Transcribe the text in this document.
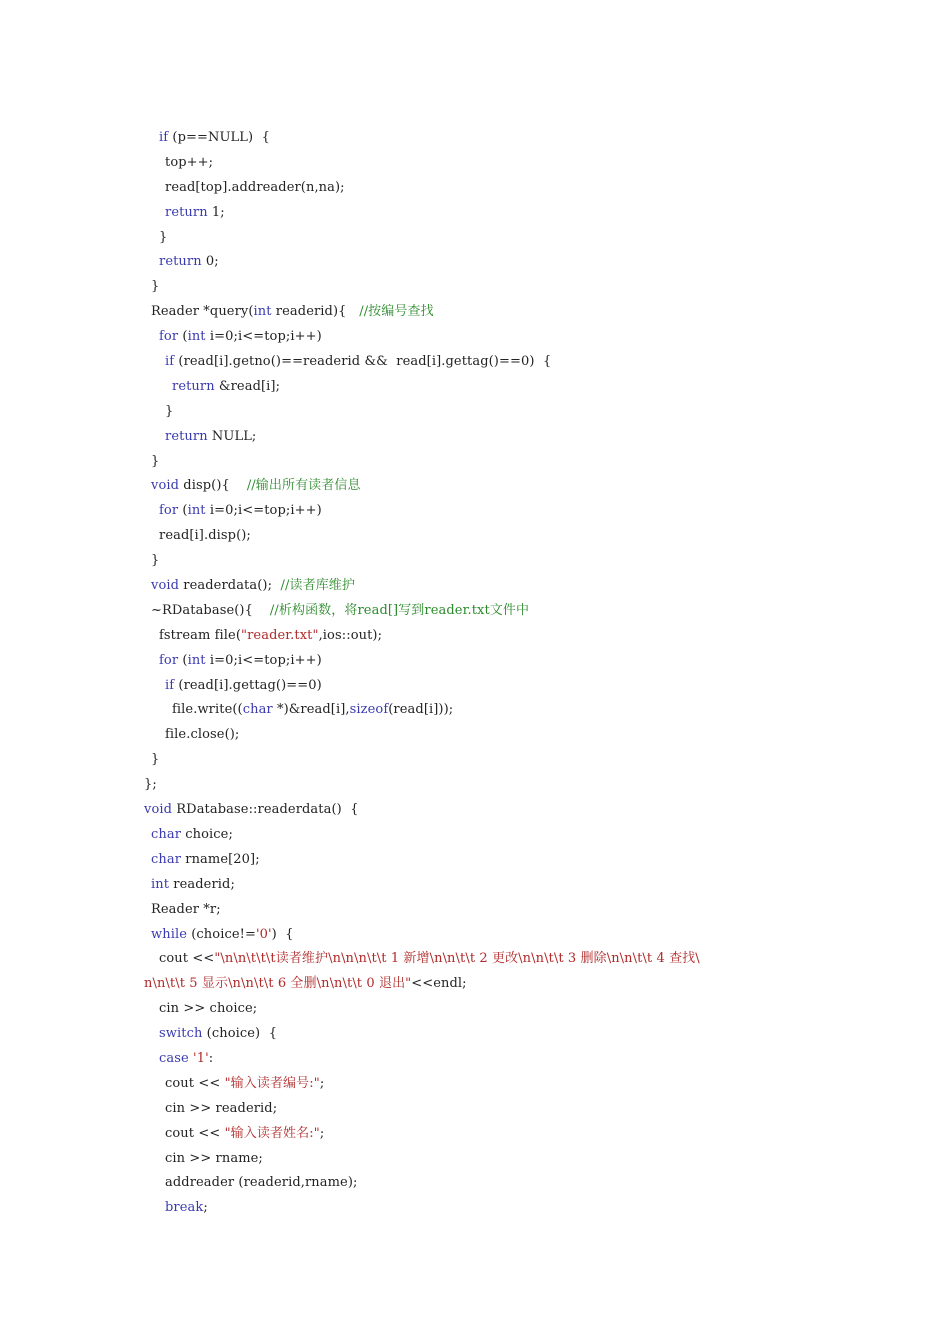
if (p==NULL)  {
top++;
read[top].addreader(n,na);
return 1;
}
return 0;
}
Reader *query(int readerid){   //按编号查找
for (int i=0;i<=top;i++)
if (read[i].getno()==readerid &&  read[i].gettag()==0)  {
return &read[i];
}
return NULL;
}
void disp(){    //输出所有读者信息
for (int i=0;i<=top;i++)
read[i].disp();
}
void readerdata();  //读者库维护
~RDatabase(){    //析构函数，将read[]写到reader.txt文件中
fstream file("reader.txt",ios::out);
for (int i=0;i<=top;i++)
if (read[i].gettag()==0)
file.write((char *)&read[i],sizeof(read[i]));
file.close();
}
};
void RDatabase::readerdata()  {
char choice;
char rname[20];
int readerid;
Reader *r;
while (choice!='0')  {
cout <<"\n\n\t\t\t读者维护\n\n\n\t\t 1 新增\n\n\t\t 2 更改\n\n\t\t 3 删除\n\n\t\t 4 查找\
n\n\t\t 5 显示\n\n\t\t 6 全删\n\n\t\t 0 退出"<<endl;
cin >> choice;
switch (choice)  {
case '1':
cout << "输入读者编号:";
cin >> readerid;
cout << "输入读者姓名:";
cin >> rname;
addreader (readerid,rname);
break;
